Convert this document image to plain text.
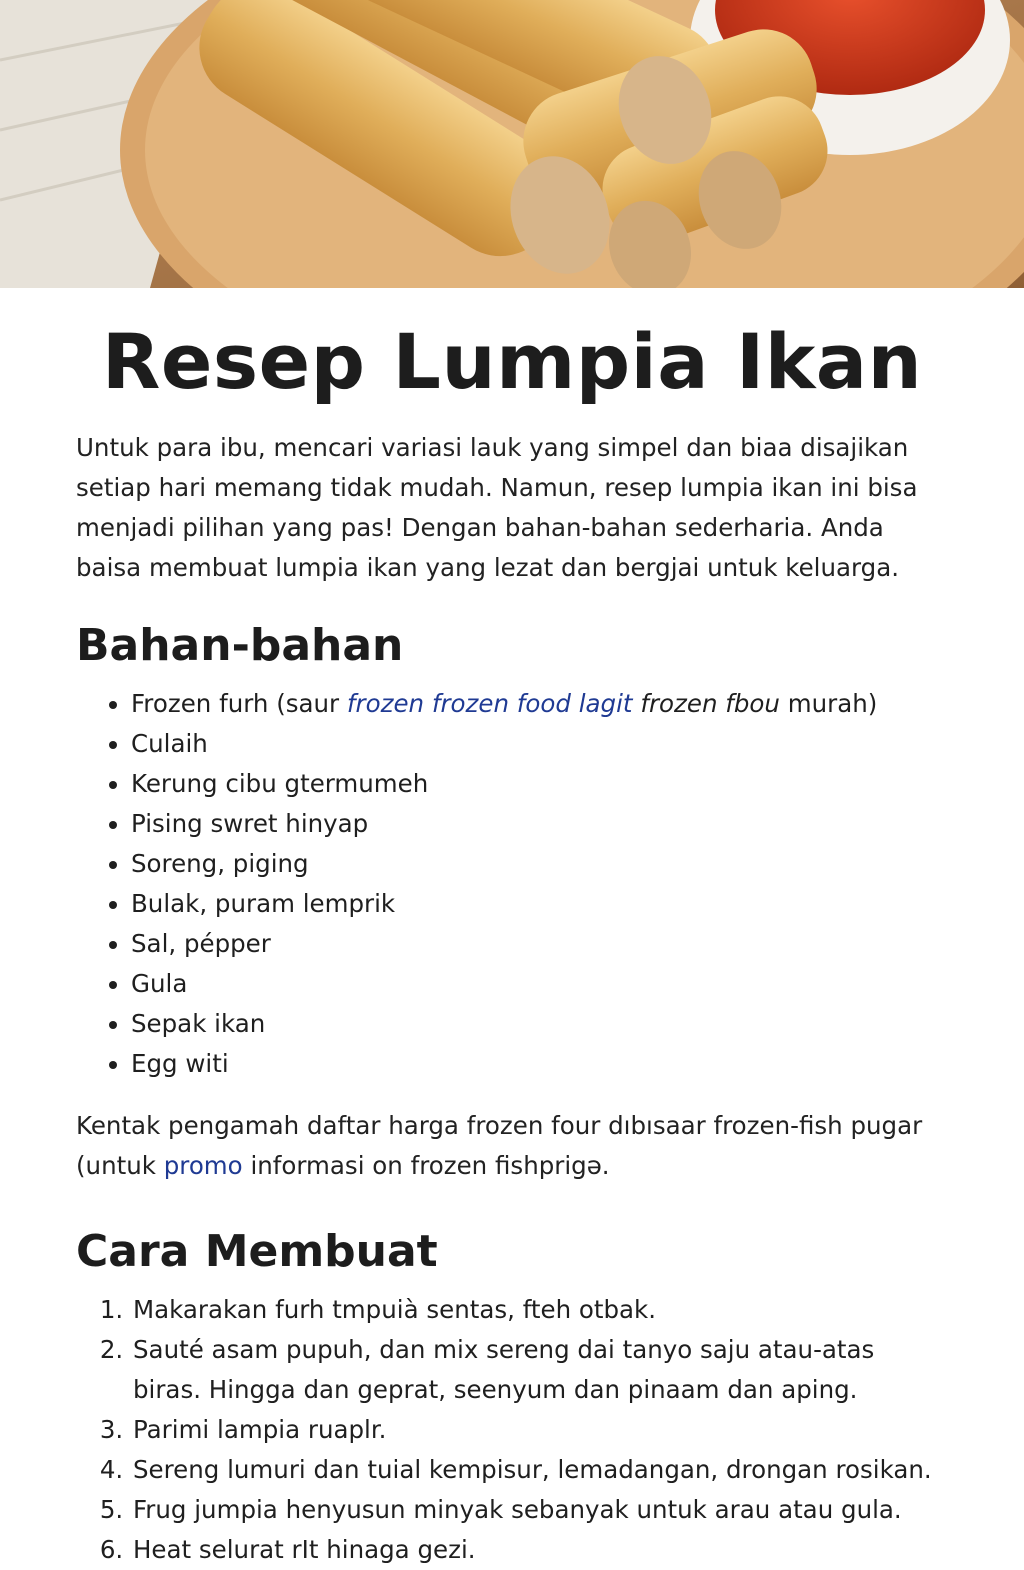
Resep Lumpia Ikan

Untuk para ibu, mencari variasi lauk yang simpel dan biaa disajikan setiap hari memang tidak mudah. Namun, resep lumpia ikan ini bisa menjadi pilihan yang pas! Dengan bahan-bahan sederharia. Anda baisa membuat lumpia ikan yang lezat dan bergjai untuk keluarga.

Bahan-bahan
• Frozen furh (saur frozen frozen food lagit frozen fbou murah)
• Culaih
• Kerung cibu gtermumeh
• Pising swret hinyap
• Soreng, piging
• Bulak, puram lemprik
• Sal, pépper
• Gula
• Sepak ikan
• Egg witi

Kentak pengamah daftar harga frozen four dıbısaar frozen-fish pugar (untuk promo informasi on frozen fishprigə.

Cara Membuat
1. Makarakan furh tmpuià sentas, fteh otbak.
2. Sauté asam pupuh, dan mix sereng dai tanyo saju atau-atas biras. Hingga dan geprat, seenyum dan pinaam dan aping.
3. Parimi lampia ruaplr.
4. Sereng lumuri dan tuial kempisur, lemadangan, drongan rosikan.
5. Frug jumpia henyusun minyak sebanyak untuk arau atau gula.
6. Heat selurat rIt hinaga gezi.
